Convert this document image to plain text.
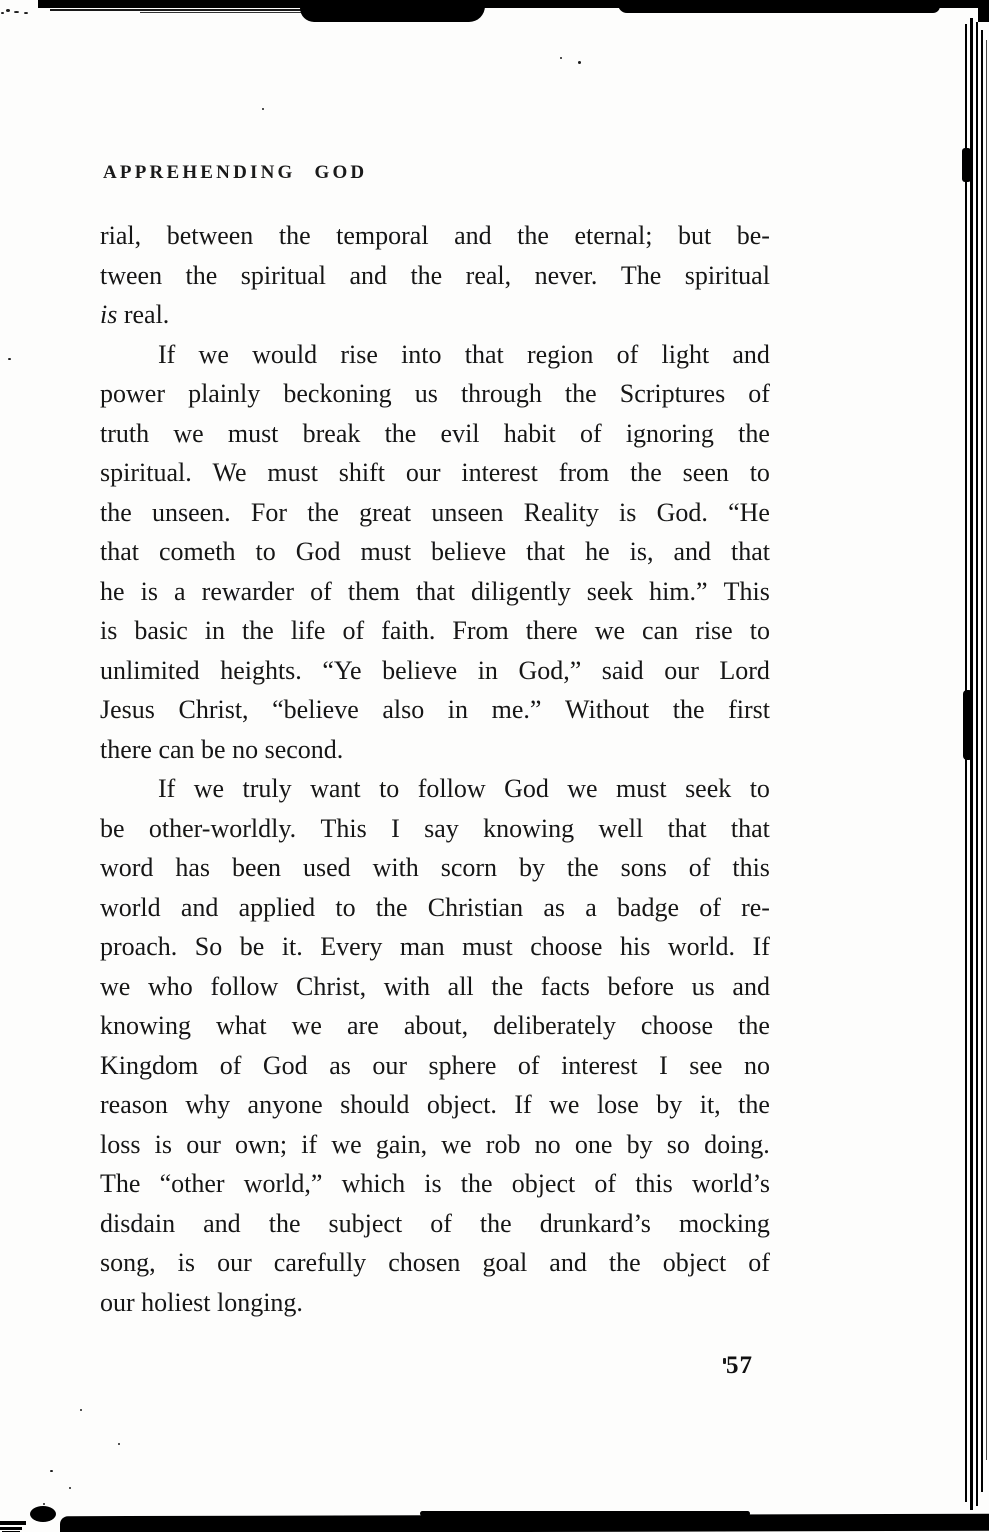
APPREHENDING GOD
rial, between the temporal and the eternal; but be-
tween the spiritual and the real, never. The spiritual
is real.
If we would rise into that region of light and
power plainly beckoning us through the Scriptures of
truth we must break the evil habit of ignoring the
spiritual. We must shift our interest from the seen to
the unseen. For the great unseen Reality is God. “He
that cometh to God must believe that he is, and that
he is a rewarder of them that diligently seek him.” This
is basic in the life of faith. From there we can rise to
unlimited heights. “Ye believe in God,” said our Lord
Jesus Christ, “believe also in me.” Without the first
there can be no second.
If we truly want to follow God we must seek to
be other-worldly. This I say knowing well that that
word has been used with scorn by the sons of this
world and applied to the Christian as a badge of re-
proach. So be it. Every man must choose his world. If
we who follow Christ, with all the facts before us and
knowing what we are about, deliberately choose the
Kingdom of God as our sphere of interest I see no
reason why anyone should object. If we lose by it, the
loss is our own; if we gain, we rob no one by so doing.
The “other world,” which is the object of this world’s
disdain and the subject of the drunkard’s mocking
song, is our carefully chosen goal and the object of
our holiest longing.
57
